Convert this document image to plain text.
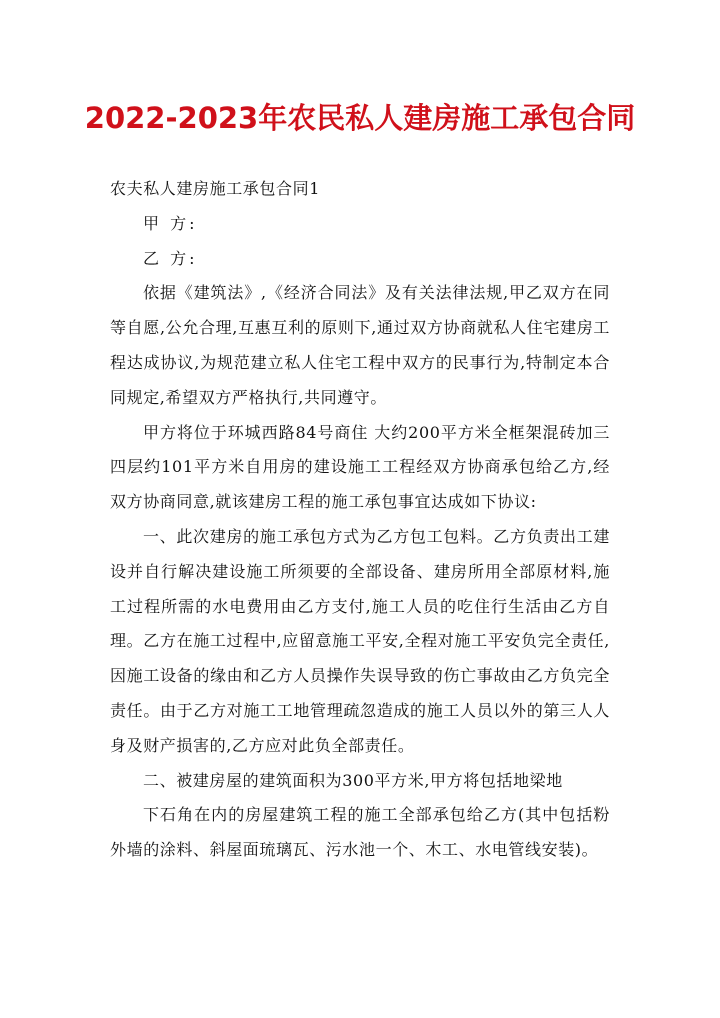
2022-2023年农民私人建房施工承包合同

农夫私人建房施工承包合同1

甲 方:

乙 方:

依据《建筑法》,《经济合同法》及有关法律法规,甲乙双方在同等自愿,公允合理,互惠互利的原则下,通过双方协商就私人住宅建房工程达成协议,为规范建立私人住宅工程中双方的民事行为,特制定本合同规定,希望双方严格执行,共同遵守。

甲方将位于环城西路84号商住 大约200平方米全框架混砖加三四层约101平方米自用房的建设施工工程经双方协商承包给乙方,经双方协商同意,就该建房工程的施工承包事宜达成如下协议:

一、此次建房的施工承包方式为乙方包工包料。乙方负责出工建设并自行解决建设施工所须要的全部设备、建房所用全部原材料,施工过程所需的水电费用由乙方支付,施工人员的吃住行生活由乙方自理。乙方在施工过程中,应留意施工平安,全程对施工平安负完全责任,因施工设备的缘由和乙方人员操作失误导致的伤亡事故由乙方负完全责任。由于乙方对施工工地管理疏忽造成的施工人员以外的第三人人身及财产损害的,乙方应对此负全部责任。

二、被建房屋的建筑面积为300平方米,甲方将包括地梁地

下石角在内的房屋建筑工程的施工全部承包给乙方(其中包括粉外墙的涂料、斜屋面琉璃瓦、污水池一个、木工、水电管线安装)。
